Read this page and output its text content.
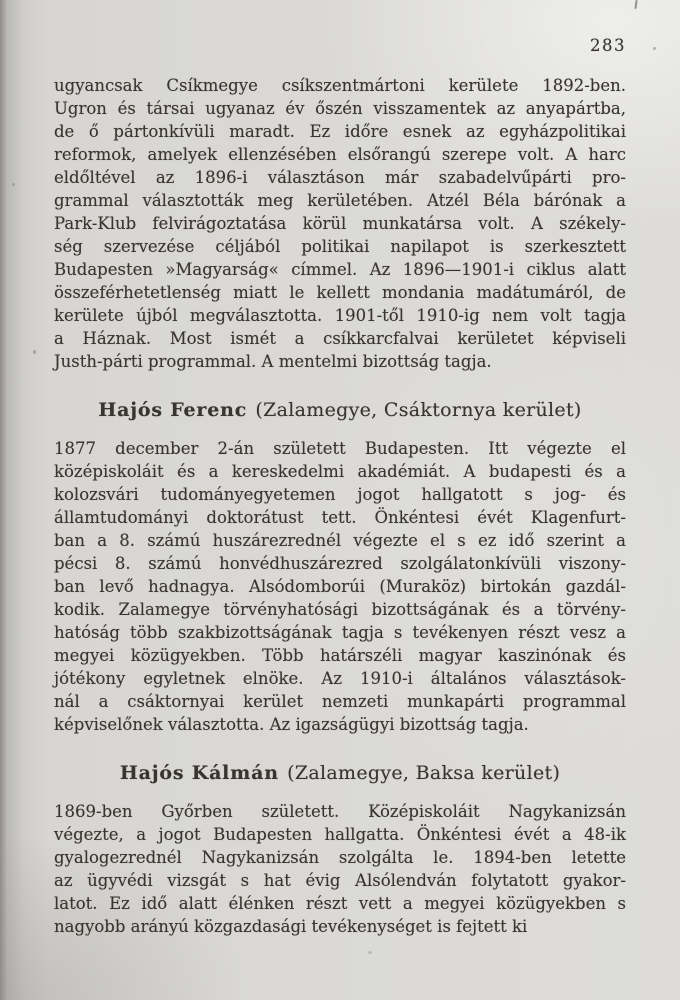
283
ugyancsak Csíkmegye csíkszentmártoni kerülete 1892-ben.
Ugron és társai ugyanaz év őszén visszamentek az anyapártba,
de ő pártonkívüli maradt. Ez időre esnek az egyházpolitikai
reformok, amelyek ellenzésében elsőrangú szerepe volt. A harc
eldőltével az 1896-i választáson már szabadelvűpárti pro-
grammal választották meg kerületében. Atzél Béla bárónak a
Park-Klub felvirágoztatása körül munkatársa volt. A székely-
ség szervezése céljából politikai napilapot is szerkesztett
Budapesten »Magyarság« címmel. Az 1896—1901-i ciklus alatt
összeférhetetlenség miatt le kellett mondania madátumáról, de
kerülete újból megválasztotta. 1901-től 1910-ig nem volt tagja
a Háznak. Most ismét a csíkkarcfalvai kerületet képviseli
Justh-párti programmal. A mentelmi bizottság tagja.
Hajós Ferenc (Zalamegye, Csáktornya kerület)
1877 december 2-án született Budapesten. Itt végezte el
középiskoláit és a kereskedelmi akadémiát. A budapesti és a
kolozsvári tudományegyetemen jogot hallgatott s jog- és
államtudományi doktorátust tett. Önkéntesi évét Klagenfurt-
ban a 8. számú huszárezrednél végezte el s ez idő szerint a
pécsi 8. számú honvédhuszárezred szolgálatonkívüli viszony-
ban levő hadnagya. Alsódomborúi (Muraköz) birtokán gazdál-
kodik. Zalamegye törvényhatósági bizottságának és a törvény-
hatóság több szakbizottságának tagja s tevékenyen részt vesz a
megyei közügyekben. Több határszéli magyar kaszinónak és
jótékony egyletnek elnöke. Az 1910-i általános választások-
nál a csáktornyai kerület nemzeti munkapárti programmal
képviselőnek választotta. Az igazságügyi bizottság tagja.
Hajós Kálmán (Zalamegye, Baksa kerület)
1869-ben Győrben született. Középiskoláit Nagykanizsán
végezte, a jogot Budapesten hallgatta. Önkéntesi évét a 48-ik
gyalogezrednél Nagykanizsán szolgálta le. 1894-ben letette
az ügyvédi vizsgát s hat évig Alsólendván folytatott gyakor-
latot. Ez idő alatt élénken részt vett a megyei közügyekben s
nagyobb arányú közgazdasági tevékenységet is fejtett ki
